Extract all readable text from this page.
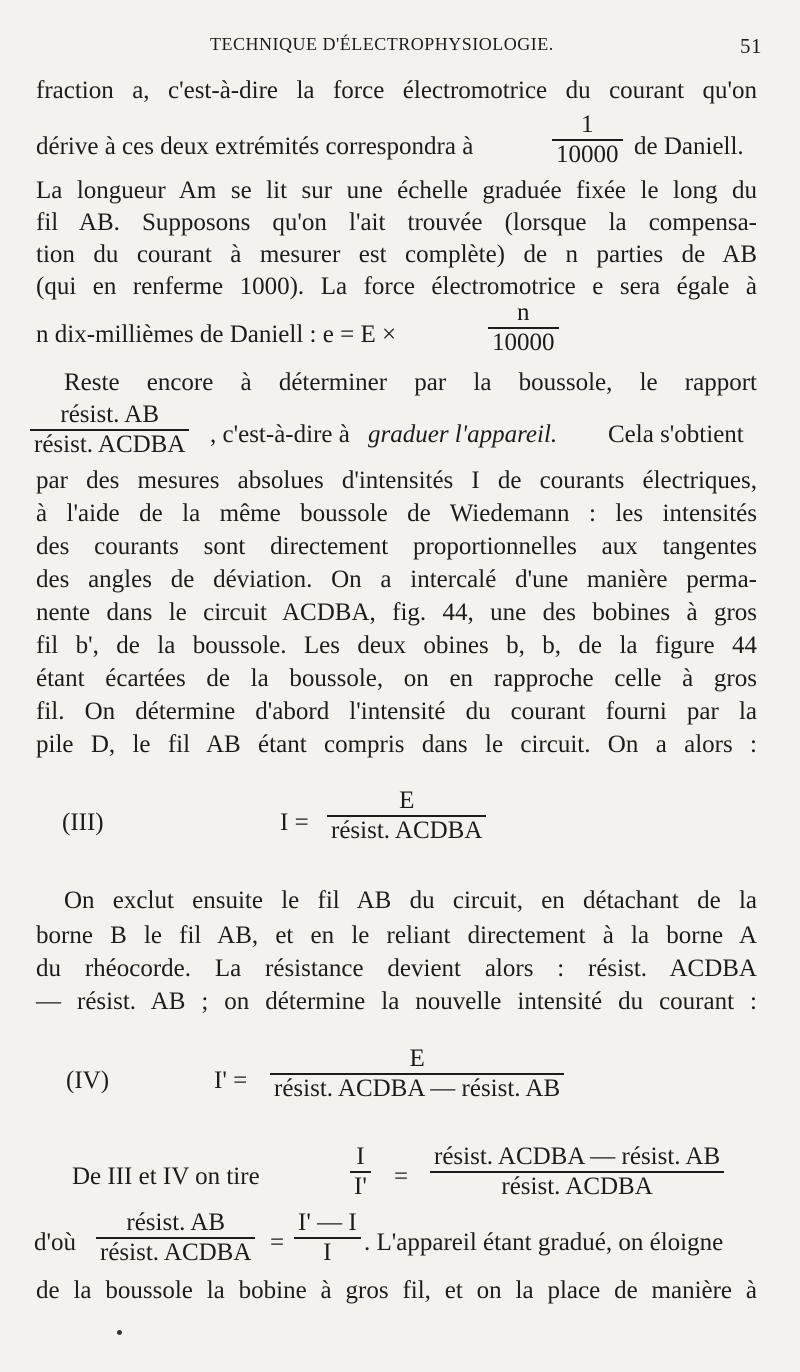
TECHNIQUE D'ÉLECTROPHYSIOLOGIE.	51
fraction a, c'est-à-dire la force électromotrice du courant qu'on
dérive à ces deux extrémités correspondra à	$\frac{1}{10000}$ de Daniell.
La longueur Am se lit sur une échelle graduée fixée le long du
fil AB. Supposons qu'on l'ait trouvée (lorsque la compensa-
tion du courant à mesurer est complète) de n parties de AB
(qui en renferme 1000). La force électromotrice e sera égale à
n dix-millièmes de Daniell : e = E ×	$\frac{n}{10000}$
Reste encore à déterminer par la boussole, le rapport
résist. AB
résist. ACDBA , c'est-à-dire à graduer l'appareil. Cela s'obtient
par des mesures absolues d'intensités I de courants électriques,
à l'aide de la même boussole de Wiedemann : les intensités
des courants sont directement proportionnelles aux tangentes
des angles de déviation. On a intercalé d'une manière perma-
nente dans le circuit ACDBA, fig. 44, une des bobines à gros
fil b', de la boussole. Les deux obines b, b, de la figure 44
étant écartées de la boussole, on en rapproche celle à gros
fil. On détermine d'abord l'intensité du courant fourni par la
pile D, le fil AB étant compris dans le circuit. On a alors :
(III)	I =
E
résist. ACDBA
On exclut ensuite le fil AB du circuit, en détachant de la
borne B le fil AB, et en le reliant directement à la borne A
du rhéocorde. La résistance devient alors : résist. ACDBA
— résist. AB ; on détermine la nouvelle intensité du courant :
(IV)	I' =
E
résist. ACDBA — résist. AB
De III et IV on tire	$\frac{I}{I'}$ =
résist. ACDBA — résist. AB
résist. ACDBA
d'où
résist. AB
résist. ACDBA = $\frac{I' — I}{I}$ . L'appareil étant gradué, on éloigne
de la boussole la bobine à gros fil, et on la place de manière à
